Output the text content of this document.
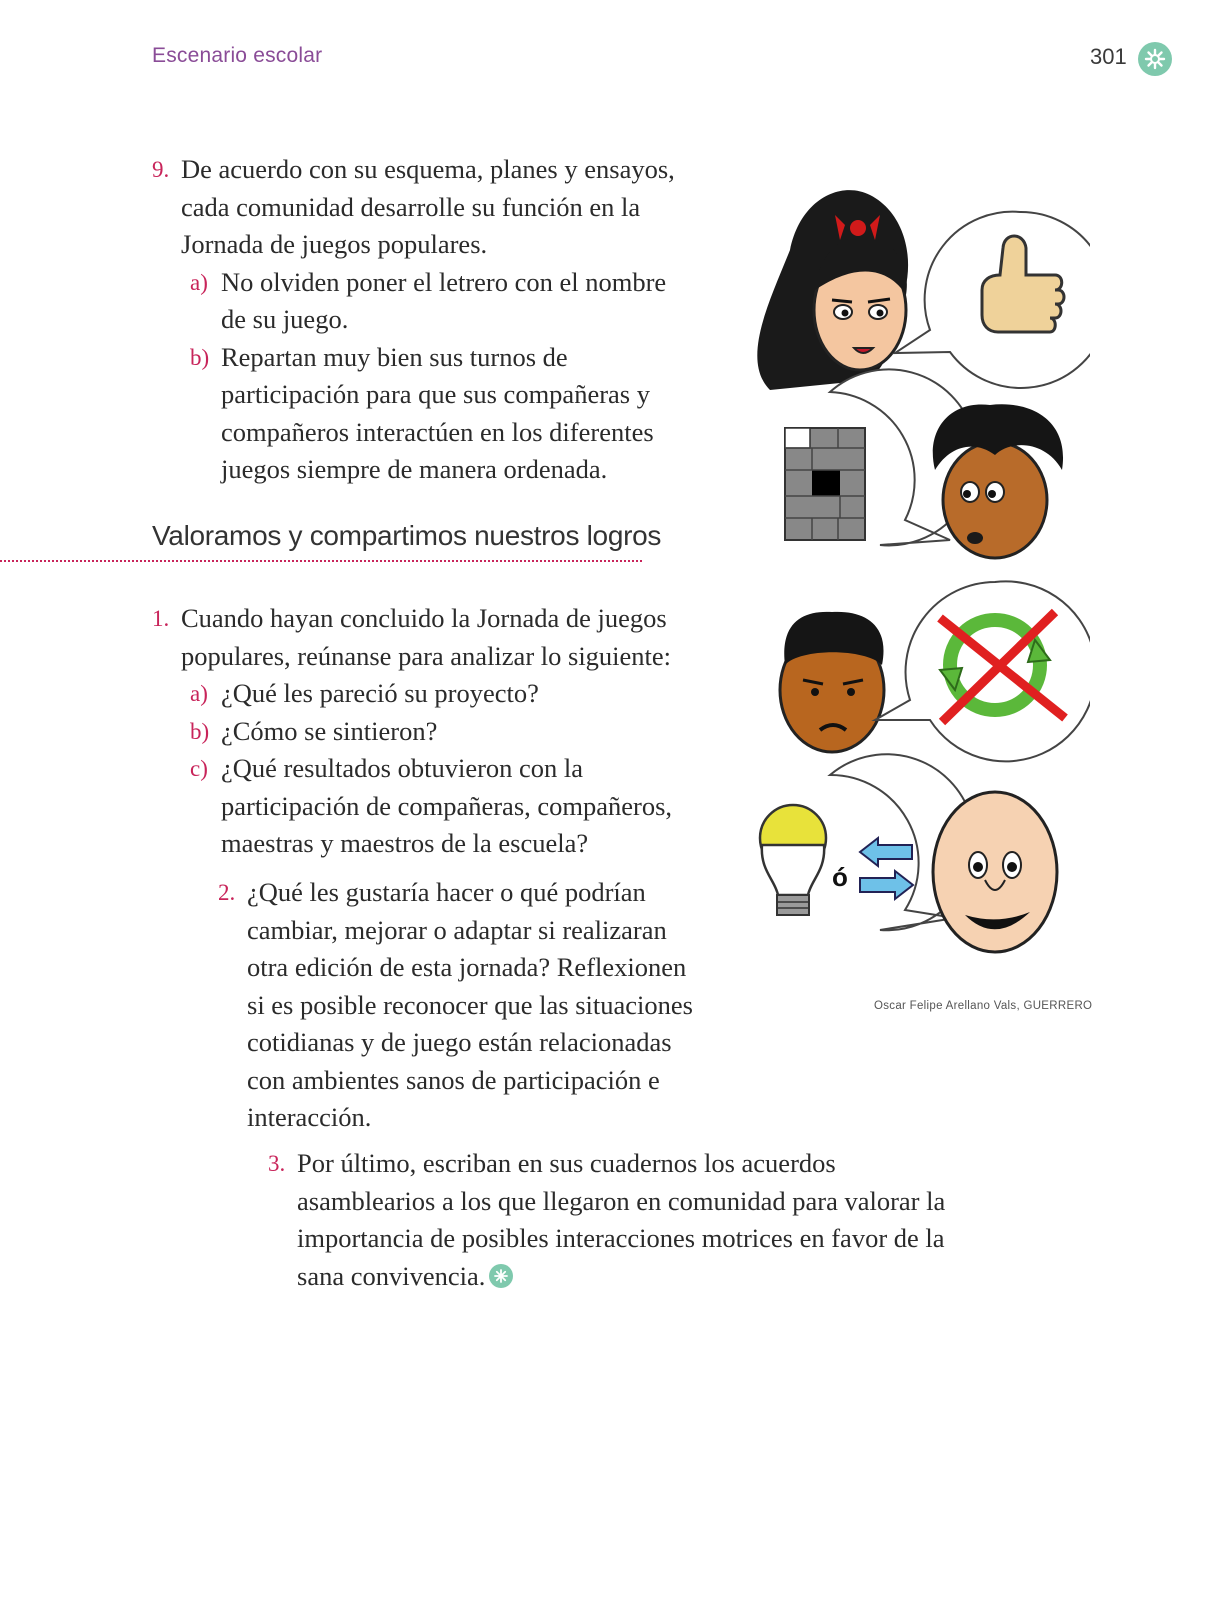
Escenario escolar	301
9. De acuerdo con su esquema, planes y ensayos, cada comunidad desarrolle su función en la Jornada de juegos populares.
a) No olviden poner el letrero con el nombre de su juego.
b) Repartan muy bien sus turnos de participación para que sus compañeras y compañeros interactúen en los diferentes juegos siempre de manera ordenada.
Valoramos y compartimos nuestros logros
1. Cuando hayan concluido la Jornada de juegos populares, reúnanse para analizar lo siguiente:
a) ¿Qué les pareció su proyecto?
b) ¿Cómo se sintieron?
c) ¿Qué resultados obtuvieron con la participación de compañeras, compañeros, maestras y maestros de la escuela?
2. ¿Qué les gustaría hacer o qué podrían cambiar, mejorar o adaptar si realizaran otra edición de esta jornada? Reflexionen si es posible reconocer que las situaciones cotidianas y de juego están relacionadas con ambientes sanos de participación e interacción.
3. Por último, escriban en sus cuadernos los acuerdos asamblearios a los que llegaron en comunidad para valorar la importancia de posibles interacciones motrices en favor de la sana convivencia.
ó
Oscar Felipe Arellano Vals, GUERRERO
